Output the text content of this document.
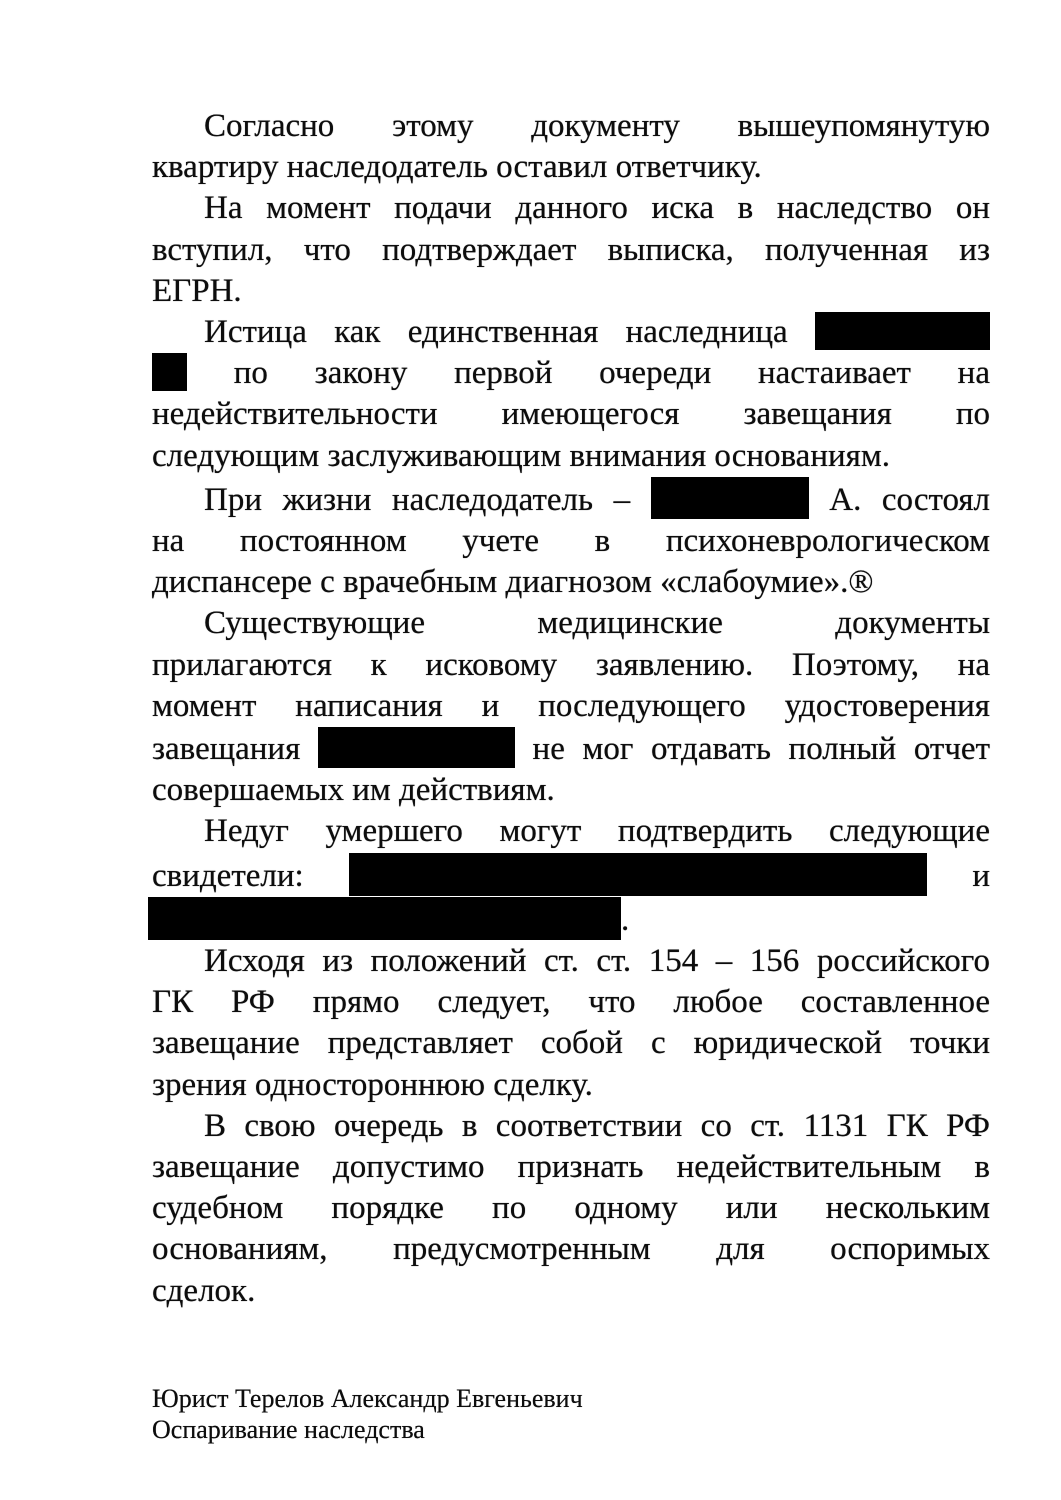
Согласно этому документу вышеупомянутую
квартиру наследодатель оставил ответчику.
На момент подачи данного иска в наследство он
вступил, что подтверждает выписка, полученная из
ЕГРН.
Истица как единственная наследница
по закону первой очереди настаивает на
недействительности имеющегося завещания по
следующим заслуживающим внимания основаниям.
При жизни наследодатель –	А. состоял
на постоянном учете в психоневрологическом
диспансере с врачебным диагнозом «слабоумие».®
Существующие медицинские документы
прилагаются к исковому заявлению. Поэтому, на
момент написания и последующего удостоверения
завещания	не мог отдавать полный отчет
совершаемых им действиям.
Недуг умершего могут подтвердить следующие
свидетели:	и
.
Исходя из положений ст. ст. 154 – 156 российского
ГК РФ прямо следует, что любое составленное
завещание представляет собой с юридической точки
зрения одностороннюю сделку.
В свою очередь в соответствии со ст. 1131 ГК РФ
завещание допустимо признать недействительным в
судебном порядке по одному или нескольким
основаниям, предусмотренным для оспоримых
сделок.
Юрист Терелов Александр Евгеньевич
Оспаривание наследства
